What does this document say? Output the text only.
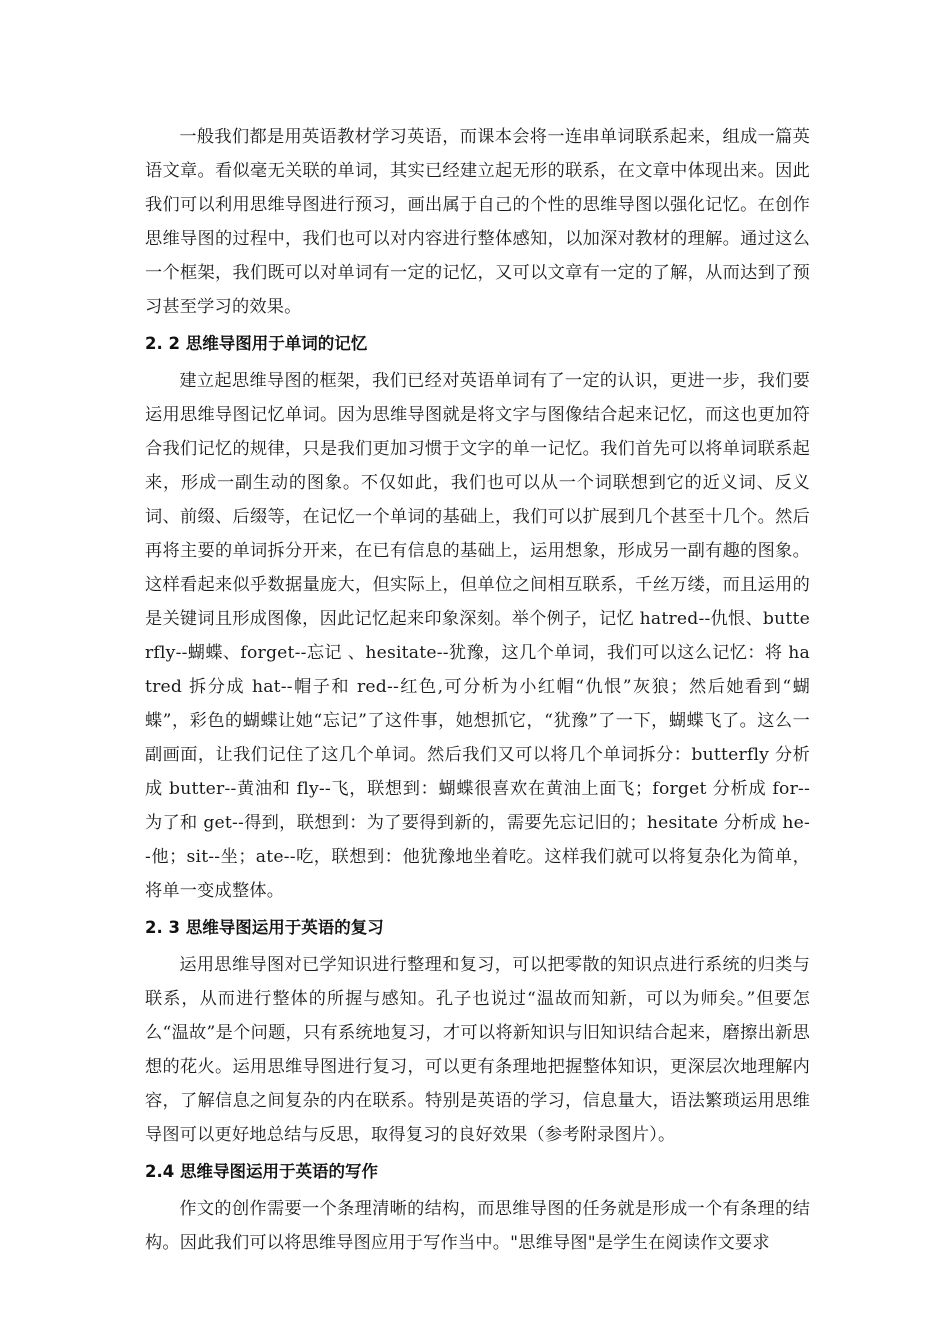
一般我们都是用英语教材学习英语，而课本会将一连串单词联系起来，组成一篇英语文章。看似毫无关联的单词，其实已经建立起无形的联系，在文章中体现出来。因此我们可以利用思维导图进行预习，画出属于自己的个性的思维导图以强化记忆。在创作思维导图的过程中，我们也可以对内容进行整体感知，以加深对教材的理解。通过这么一个框架，我们既可以对单词有一定的记忆，又可以文章有一定的了解，从而达到了预习甚至学习的效果。

2. 2 思维导图用于单词的记忆

建立起思维导图的框架，我们已经对英语单词有了一定的认识，更进一步，我们要运用思维导图记忆单词。因为思维导图就是将文字与图像结合起来记忆，而这也更加符合我们记忆的规律，只是我们更加习惯于文字的单一记忆。我们首先可以将单词联系起来，形成一副生动的图象。不仅如此，我们也可以从一个词联想到它的近义词、反义词、前缀、后缀等，在记忆一个单词的基础上，我们可以扩展到几个甚至十几个。然后再将主要的单词拆分开来，在已有信息的基础上，运用想象，形成另一副有趣的图象。这样看起来似乎数据量庞大，但实际上，但单位之间相互联系，千丝万缕，而且运用的是关键词且形成图像，因此记忆起来印象深刻。举个例子，记忆 hatred--仇恨、butterfly--蝴蝶、forget--忘记 、hesitate--犹豫，这几个单词，我们可以这么记忆：将 hatred 拆分成 hat--帽子和 red--红色,可分析为小红帽“仇恨”灰狼；然后她看到“蝴蝶”，彩色的蝴蝶让她“忘记”了这件事，她想抓它，“犹豫”了一下，蝴蝶飞了。这么一副画面，让我们记住了这几个单词。然后我们又可以将几个单词拆分：butterfly 分析成 butter--黄油和 fly--飞，联想到：蝴蝶很喜欢在黄油上面飞；forget 分析成 for--为了和 get--得到，联想到：为了要得到新的，需要先忘记旧的；hesitate 分析成 he--他；sit--坐；ate--吃，联想到：他犹豫地坐着吃。这样我们就可以将复杂化为简单，将单一变成整体。

2. 3 思维导图运用于英语的复习

运用思维导图对已学知识进行整理和复习，可以把零散的知识点进行系统的归类与联系，从而进行整体的所握与感知。孔子也说过“温故而知新，可以为师矣。”但要怎么“温故”是个问题，只有系统地复习，才可以将新知识与旧知识结合起来，磨擦出新思想的花火。运用思维导图进行复习，可以更有条理地把握整体知识，更深层次地理解内容，了解信息之间复杂的内在联系。特别是英语的学习，信息量大，语法繁琐运用思维导图可以更好地总结与反思，取得复习的良好效果（参考附录图片）。

2.4 思维导图运用于英语的写作

作文的创作需要一个条理清晰的结构，而思维导图的任务就是形成一个有条理的结构。因此我们可以将思维导图应用于写作当中。"思维导图"是学生在阅读作文要求
